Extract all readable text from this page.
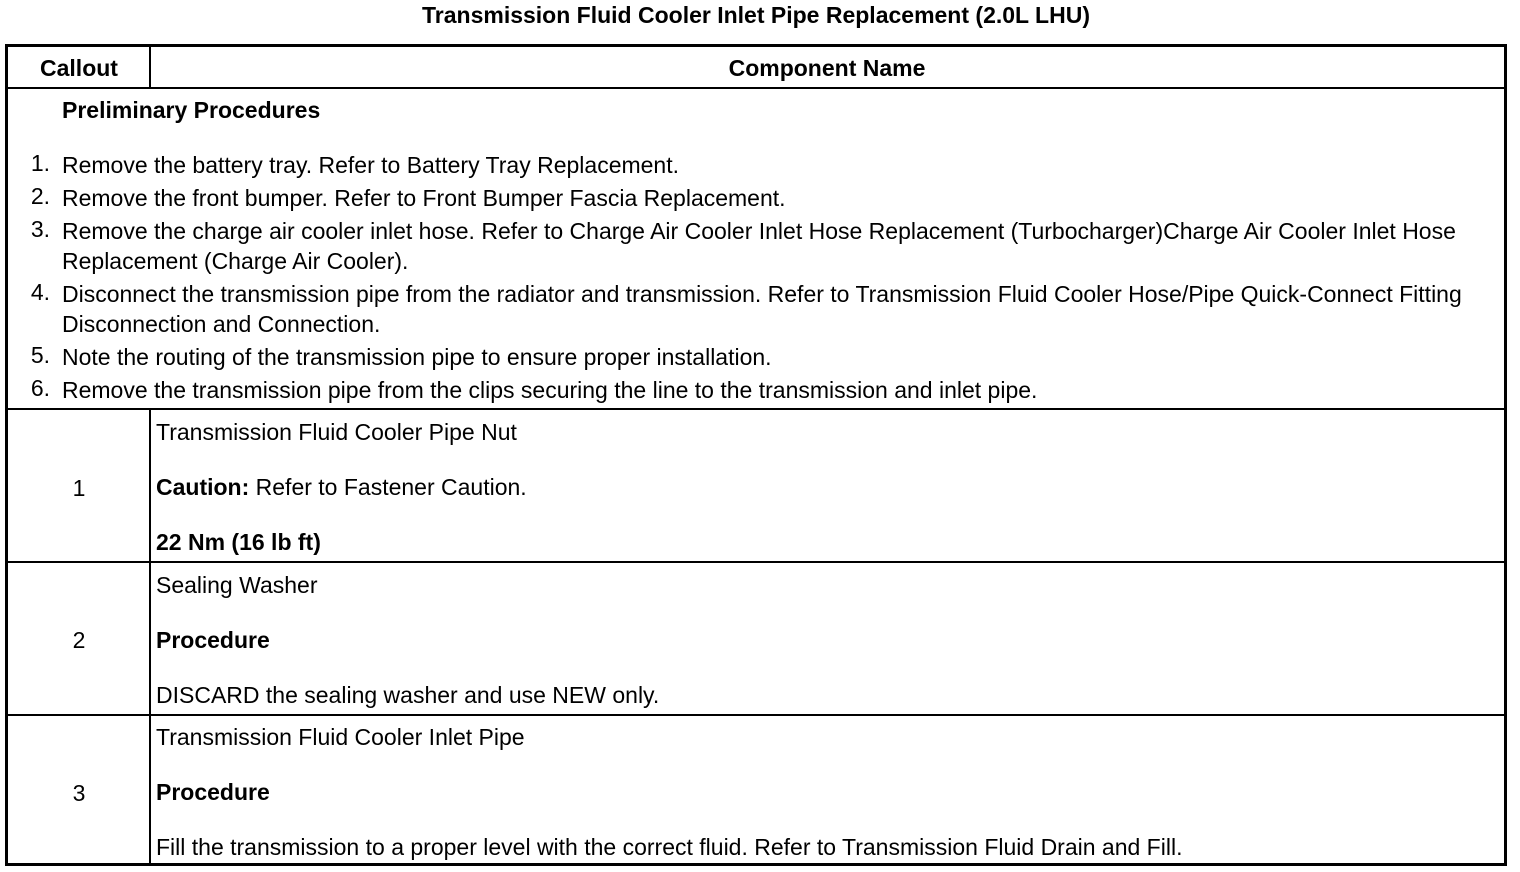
Transmission Fluid Cooler Inlet Pipe Replacement (2.0L LHU)
Callout	Component Name
Preliminary Procedures
1. Remove the battery tray. Refer to Battery Tray Replacement.
2. Remove the front bumper. Refer to Front Bumper Fascia Replacement.
3. Remove the charge air cooler inlet hose. Refer to Charge Air Cooler Inlet Hose Replacement (Turbocharger)Charge Air Cooler Inlet Hose Replacement (Charge Air Cooler).
4. Disconnect the transmission pipe from the radiator and transmission. Refer to Transmission Fluid Cooler Hose/Pipe Quick-Connect Fitting Disconnection and Connection.
5. Note the routing of the transmission pipe to ensure proper installation.
6. Remove the transmission pipe from the clips securing the line to the transmission and inlet pipe.
1
Transmission Fluid Cooler Pipe Nut
Caution: Refer to Fastener Caution.
22 Nm (16 lb ft)
2
Sealing Washer
Procedure
DISCARD the sealing washer and use NEW only.
3
Transmission Fluid Cooler Inlet Pipe
Procedure
Fill the transmission to a proper level with the correct fluid. Refer to Transmission Fluid Drain and Fill.
